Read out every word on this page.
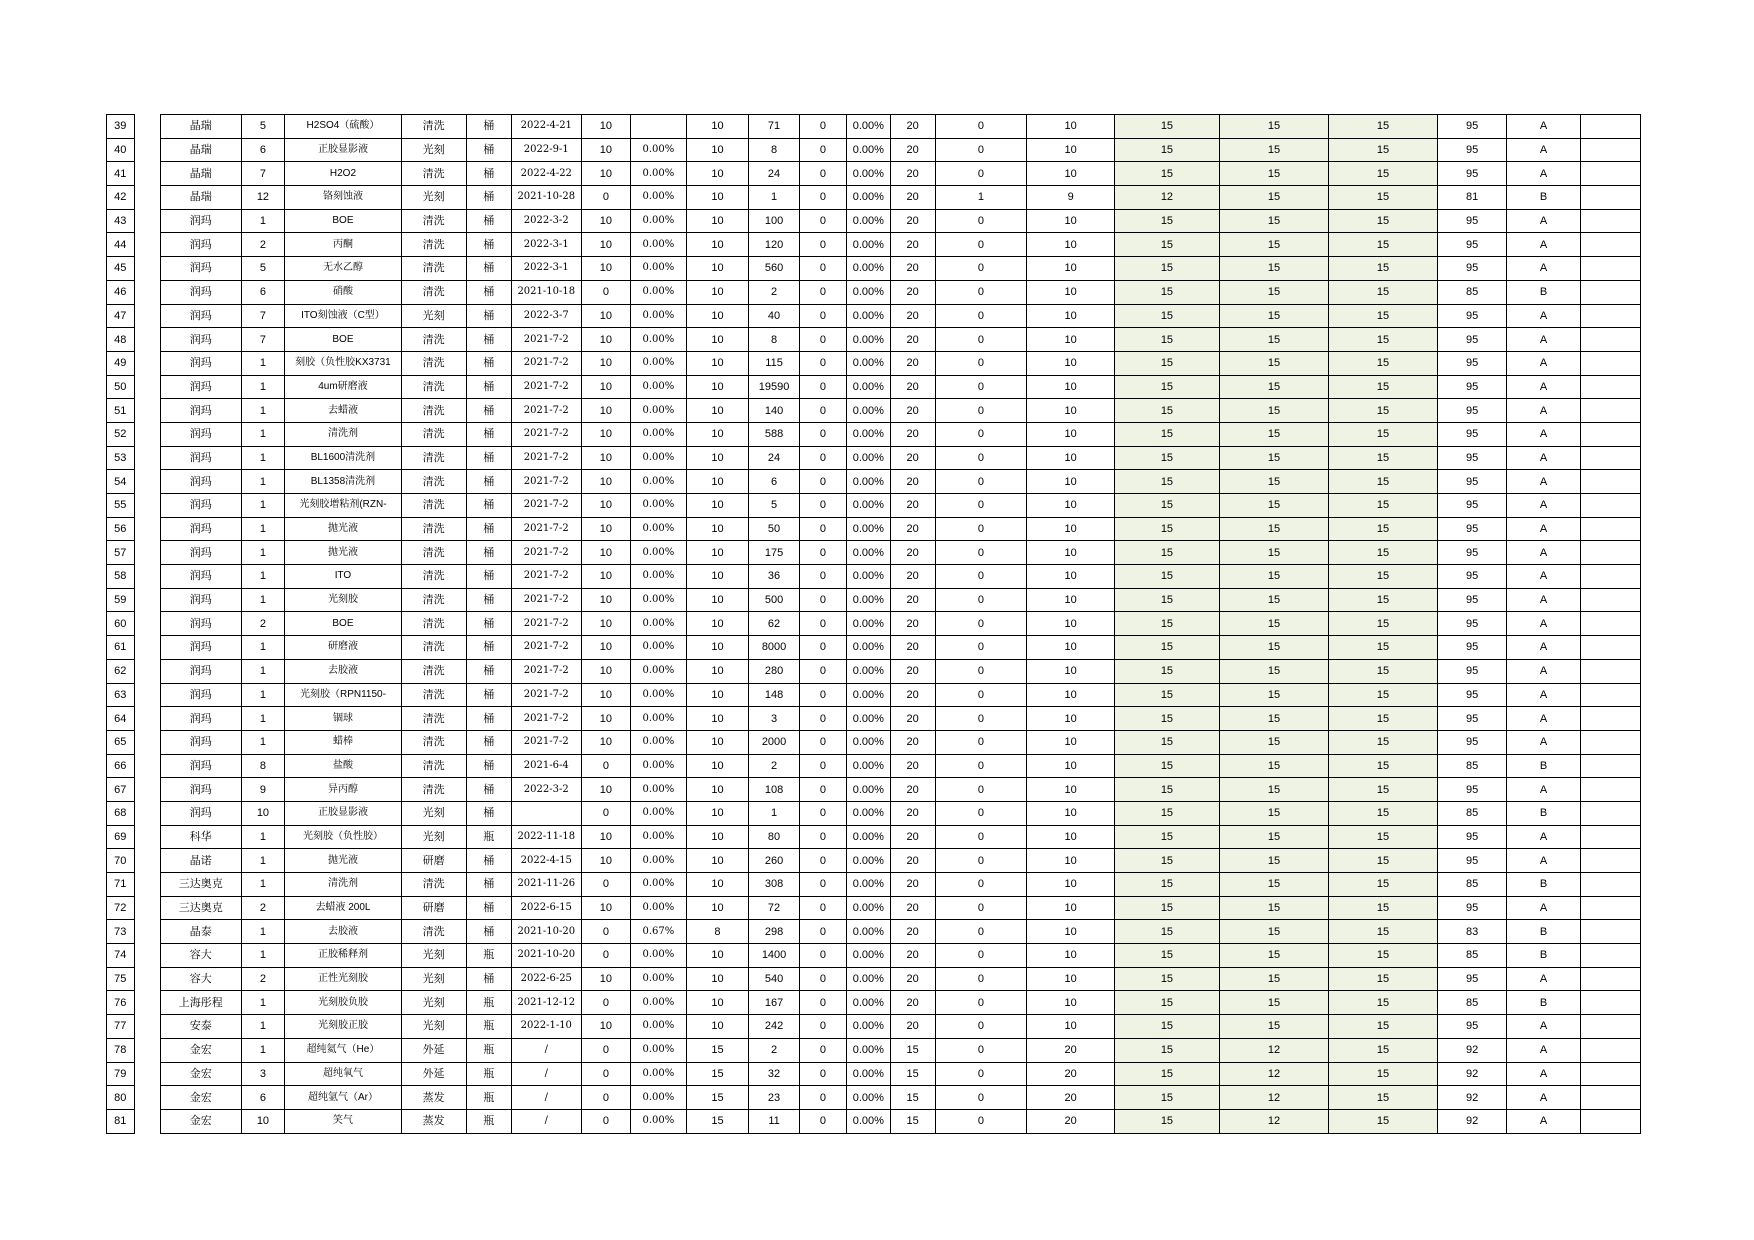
39		晶瑞	5	H2SO4（硫酸）	清洗	桶	2022-4-21	10		10	71	0	0.00%	20	0	10	15	15	15	95	A	
40		晶瑞	6	正胶显影液	光刻	桶	2022-9-1	10	0.00%	10	8	0	0.00%	20	0	10	15	15	15	95	A	
41		晶瑞	7	H2O2	清洗	桶	2022-4-22	10	0.00%	10	24	0	0.00%	20	0	10	15	15	15	95	A	
42		晶瑞	12	铬刻蚀液	光刻	桶	2021-10-28	0	0.00%	10	1	0	0.00%	20	1	9	12	15	15	81	B	
43		润玛	1	BOE	清洗	桶	2022-3-2	10	0.00%	10	100	0	0.00%	20	0	10	15	15	15	95	A	
44		润玛	2	丙酮	清洗	桶	2022-3-1	10	0.00%	10	120	0	0.00%	20	0	10	15	15	15	95	A	
45		润玛	5	无水乙醇	清洗	桶	2022-3-1	10	0.00%	10	560	0	0.00%	20	0	10	15	15	15	95	A	
46		润玛	6	硝酸	清洗	桶	2021-10-18	0	0.00%	10	2	0	0.00%	20	0	10	15	15	15	85	B	
47		润玛	7	ITO刻蚀液（C型）	光刻	桶	2022-3-7	10	0.00%	10	40	0	0.00%	20	0	10	15	15	15	95	A	
48		润玛	7	BOE	清洗	桶	2021-7-2	10	0.00%	10	8	0	0.00%	20	0	10	15	15	15	95	A	
49		润玛	1	刻胶（负性胶KX3731	清洗	桶	2021-7-2	10	0.00%	10	115	0	0.00%	20	0	10	15	15	15	95	A	
50		润玛	1	4um研磨液	清洗	桶	2021-7-2	10	0.00%	10	19590	0	0.00%	20	0	10	15	15	15	95	A	
51		润玛	1	去蜡液	清洗	桶	2021-7-2	10	0.00%	10	140	0	0.00%	20	0	10	15	15	15	95	A	
52		润玛	1	清洗剂	清洗	桶	2021-7-2	10	0.00%	10	588	0	0.00%	20	0	10	15	15	15	95	A	
53		润玛	1	BL1600清洗剂	清洗	桶	2021-7-2	10	0.00%	10	24	0	0.00%	20	0	10	15	15	15	95	A	
54		润玛	1	BL1358清洗剂	清洗	桶	2021-7-2	10	0.00%	10	6	0	0.00%	20	0	10	15	15	15	95	A	
55		润玛	1	光刻胶增粘剂(RZN-	清洗	桶	2021-7-2	10	0.00%	10	5	0	0.00%	20	0	10	15	15	15	95	A	
56		润玛	1	抛光液	清洗	桶	2021-7-2	10	0.00%	10	50	0	0.00%	20	0	10	15	15	15	95	A	
57		润玛	1	抛光液	清洗	桶	2021-7-2	10	0.00%	10	175	0	0.00%	20	0	10	15	15	15	95	A	
58		润玛	1	ITO	清洗	桶	2021-7-2	10	0.00%	10	36	0	0.00%	20	0	10	15	15	15	95	A	
59		润玛	1	光刻胶	清洗	桶	2021-7-2	10	0.00%	10	500	0	0.00%	20	0	10	15	15	15	95	A	
60		润玛	2	BOE	清洗	桶	2021-7-2	10	0.00%	10	62	0	0.00%	20	0	10	15	15	15	95	A	
61		润玛	1	研磨液	清洗	桶	2021-7-2	10	0.00%	10	8000	0	0.00%	20	0	10	15	15	15	95	A	
62		润玛	1	去胶液	清洗	桶	2021-7-2	10	0.00%	10	280	0	0.00%	20	0	10	15	15	15	95	A	
63		润玛	1	光刻胶（RPN1150-	清洗	桶	2021-7-2	10	0.00%	10	148	0	0.00%	20	0	10	15	15	15	95	A	
64		润玛	1	锢球	清洗	桶	2021-7-2	10	0.00%	10	3	0	0.00%	20	0	10	15	15	15	95	A	
65		润玛	1	蜡棒	清洗	桶	2021-7-2	10	0.00%	10	2000	0	0.00%	20	0	10	15	15	15	95	A	
66		润玛	8	盐酸	清洗	桶	2021-6-4	0	0.00%	10	2	0	0.00%	20	0	10	15	15	15	85	B	
67		润玛	9	异丙醇	清洗	桶	2022-3-2	10	0.00%	10	108	0	0.00%	20	0	10	15	15	15	95	A	
68		润玛	10	正胶显影液	光刻	桶		0	0.00%	10	1	0	0.00%	20	0	10	15	15	15	85	B	
69		科华	1	光刻胶（负性胶）	光刻	瓶	2022-11-18	10	0.00%	10	80	0	0.00%	20	0	10	15	15	15	95	A	
70		晶诺	1	抛光液	研磨	桶	2022-4-15	10	0.00%	10	260	0	0.00%	20	0	10	15	15	15	95	A	
71		三达奥克	1	清洗剂	清洗	桶	2021-11-26	0	0.00%	10	308	0	0.00%	20	0	10	15	15	15	85	B	
72		三达奥克	2	去蜡液 200L	研磨	桶	2022-6-15	10	0.00%	10	72	0	0.00%	20	0	10	15	15	15	95	A	
73		晶泰	1	去胶液	清洗	桶	2021-10-20	0	0.67%	8	298	0	0.00%	20	0	10	15	15	15	83	B	
74		容大	1	正胶稀释剂	光刻	瓶	2021-10-20	0	0.00%	10	1400	0	0.00%	20	0	10	15	15	15	85	B	
75		容大	2	正性光刻胶	光刻	桶	2022-6-25	10	0.00%	10	540	0	0.00%	20	0	10	15	15	15	95	A	
76		上海彤程	1	光刻胶负胶	光刻	瓶	2021-12-12	0	0.00%	10	167	0	0.00%	20	0	10	15	15	15	85	B	
77		安泰	1	光刻胶正胶	光刻	瓶	2022-1-10	10	0.00%	10	242	0	0.00%	20	0	10	15	15	15	95	A	
78		金宏	1	超纯氦气（He）	外延	瓶	/	0	0.00%	15	2	0	0.00%	15	0	20	15	12	15	92	A	
79		金宏	3	超纯氧气	外延	瓶	/	0	0.00%	15	32	0	0.00%	15	0	20	15	12	15	92	A	
80		金宏	6	超纯氩气（Ar）	蒸发	瓶	/	0	0.00%	15	23	0	0.00%	15	0	20	15	12	15	92	A	
81		金宏	10	笑气	蒸发	瓶	/	0	0.00%	15	11	0	0.00%	15	0	20	15	12	15	92	A	
